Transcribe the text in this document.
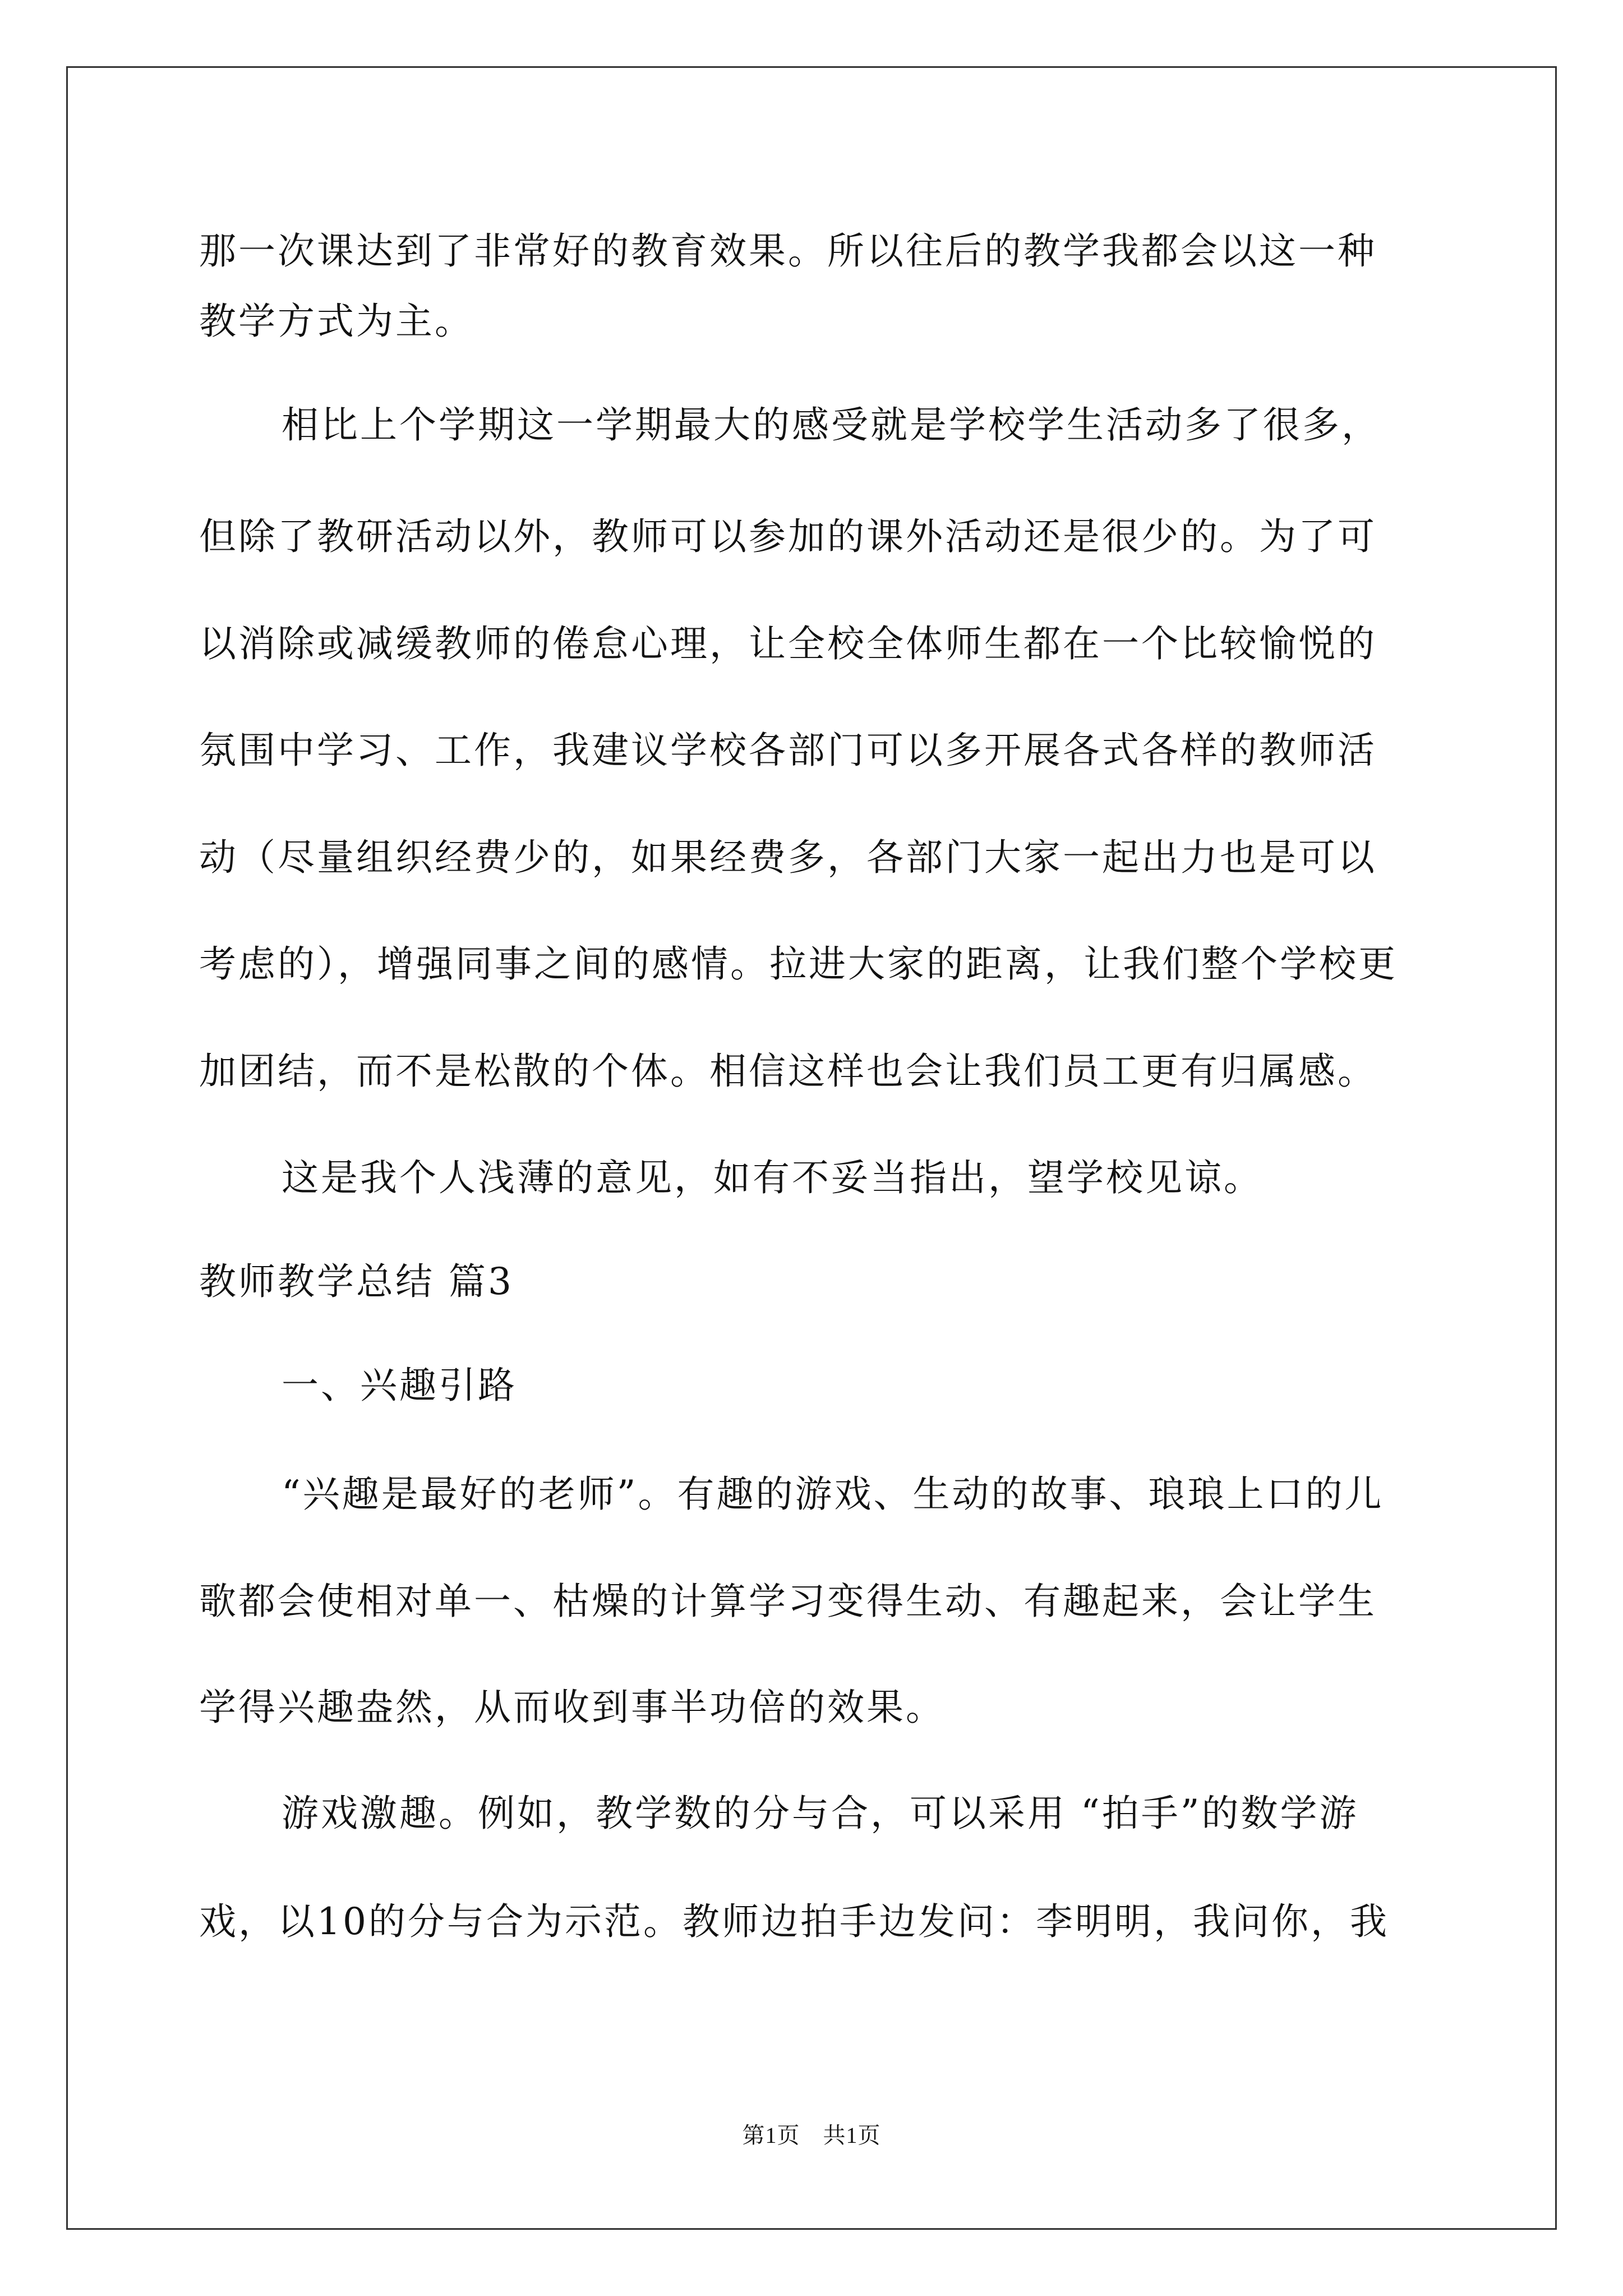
那一次课达到了非常好的教育效果。所以往后的教学我都会以这一种
教学方式为主。
相比上个学期这一学期最大的感受就是学校学生活动多了很多，
但除了教研活动以外，教师可以参加的课外活动还是很少的。为了可
以消除或减缓教师的倦怠心理，让全校全体师生都在一个比较愉悦的
氛围中学习、工作，我建议学校各部门可以多开展各式各样的教师活
动（尽量组织经费少的，如果经费多，各部门大家一起出力也是可以
考虑的），增强同事之间的感情。拉进大家的距离，让我们整个学校更
加团结，而不是松散的个体。相信这样也会让我们员工更有归属感。
这是我个人浅薄的意见，如有不妥当指出，望学校见谅。
教师教学总结 篇3
一、兴趣引路
“兴趣是最好的老师”。有趣的游戏、生动的故事、琅琅上口的儿
歌都会使相对单一、枯燥的计算学习变得生动、有趣起来，会让学生
学得兴趣盎然，从而收到事半功倍的效果。
游戏激趣。例如，教学数的分与合，可以采用 “拍手”的数学游
戏，以10的分与合为示范。教师边拍手边发问：李明明，我问你，我
第1页　共1页
